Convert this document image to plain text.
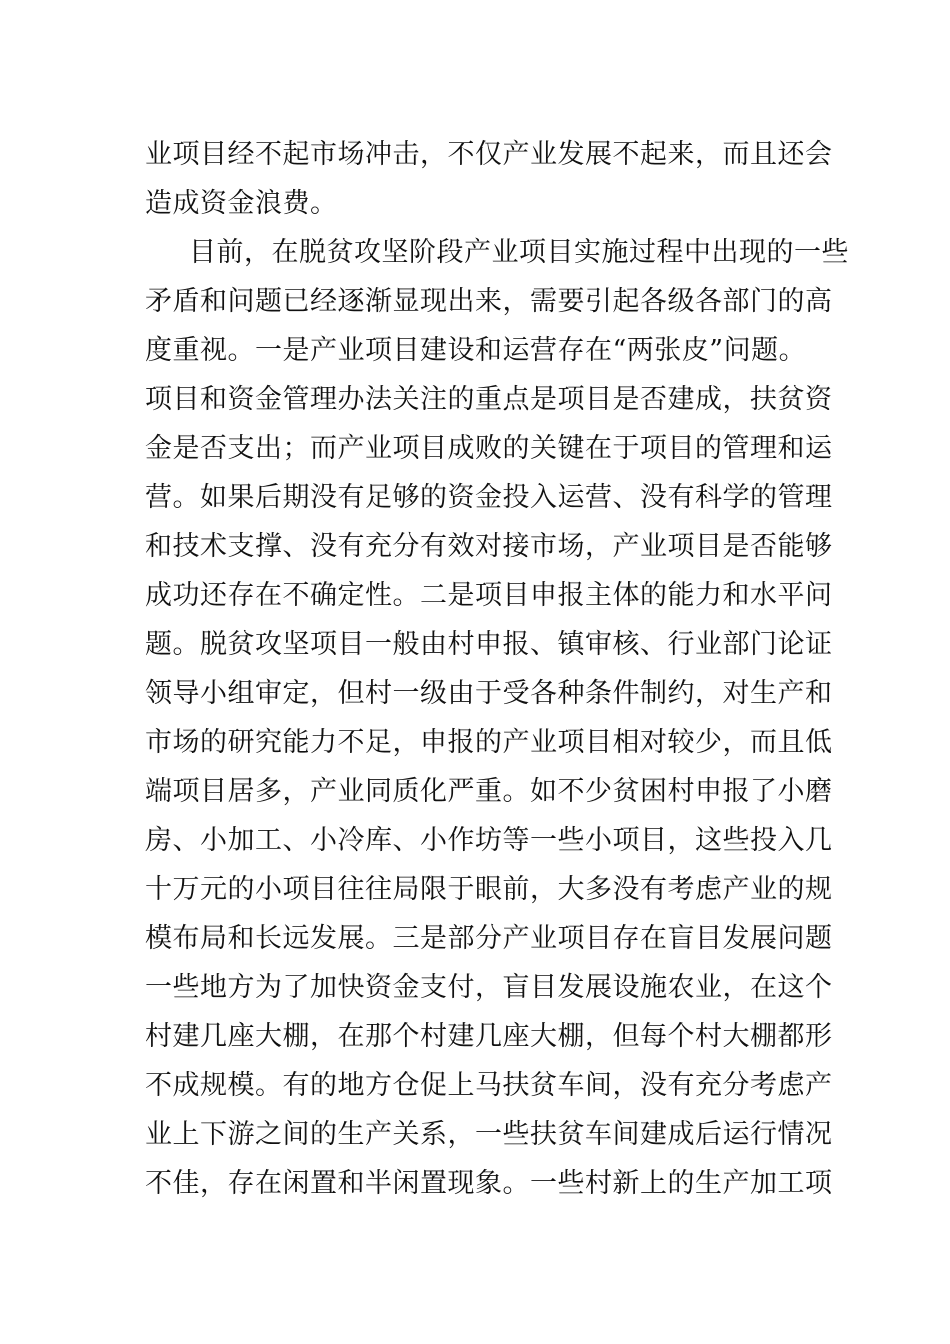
业项目经不起市场冲击，不仅产业发展不起来，而且还会
造成资金浪费。
目前，在脱贫攻坚阶段产业项目实施过程中出现的一些
矛盾和问题已经逐渐显现出来，需要引起各级各部门的高
度重视。一是产业项目建设和运营存在“两张皮”问题。
项目和资金管理办法关注的重点是项目是否建成，扶贫资
金是否支出；而产业项目成败的关键在于项目的管理和运
营。如果后期没有足够的资金投入运营、没有科学的管理
和技术支撑、没有充分有效对接市场，产业项目是否能够
成功还存在不确定性。二是项目申报主体的能力和水平问
题。脱贫攻坚项目一般由村申报、镇审核、行业部门论证
领导小组审定，但村一级由于受各种条件制约，对生产和
市场的研究能力不足，申报的产业项目相对较少，而且低
端项目居多，产业同质化严重。如不少贫困村申报了小磨
房、小加工、小冷库、小作坊等一些小项目，这些投入几
十万元的小项目往往局限于眼前，大多没有考虑产业的规
模布局和长远发展。三是部分产业项目存在盲目发展问题
一些地方为了加快资金支付，盲目发展设施农业，在这个
村建几座大棚，在那个村建几座大棚，但每个村大棚都形
不成规模。有的地方仓促上马扶贫车间，没有充分考虑产
业上下游之间的生产关系，一些扶贫车间建成后运行情况
不佳，存在闲置和半闲置现象。一些村新上的生产加工项
